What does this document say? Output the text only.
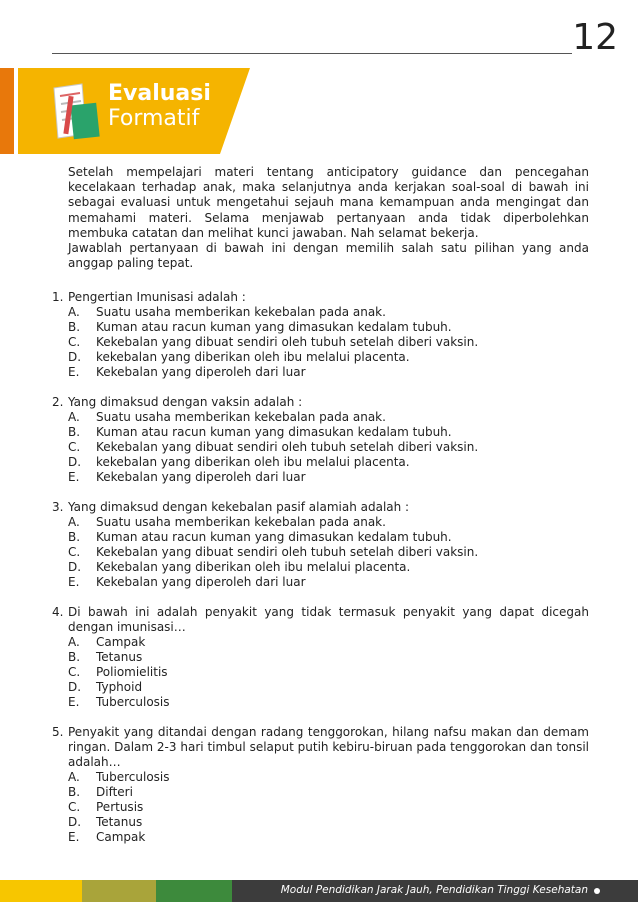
12
Evaluasi
Formatif

Setelah mempelajari materi tentang anticipatory guidance dan pencegahan kecelakaan terhadap anak, maka selanjutnya anda kerjakan soal-soal di bawah ini sebagai evaluasi untuk mengetahui sejauh mana kemampuan anda mengingat dan memahami materi. Selama menjawab pertanyaan anda tidak diperbolehkan membuka catatan dan melihat kunci jawaban. Nah selamat bekerja.

Jawablah pertanyaan di bawah ini dengan memilih salah satu pilihan yang anda anggap paling tepat.

1. Pengertian Imunisasi adalah :
A.	Suatu usaha memberikan kekebalan pada anak.
B.	Kuman atau racun kuman yang dimasukan kedalam tubuh.
C.	Kekebalan yang dibuat sendiri oleh tubuh setelah diberi vaksin.
D.	kekebalan yang diberikan oleh ibu melalui placenta.
E.	Kekebalan yang diperoleh dari luar
2. Yang dimaksud dengan vaksin adalah :
A.	Suatu usaha memberikan kekebalan pada anak.
B.	Kuman atau racun kuman yang dimasukan kedalam tubuh.
C.	Kekebalan yang dibuat sendiri oleh tubuh setelah diberi vaksin.
D.	kekebalan yang diberikan oleh ibu melalui placenta.
E.	Kekebalan yang diperoleh dari luar
3. Yang dimaksud dengan kekebalan pasif alamiah adalah :
A.	Suatu usaha memberikan kekebalan pada anak.
B.	Kuman atau racun kuman yang dimasukan kedalam tubuh.
C.	Kekebalan yang dibuat sendiri oleh tubuh setelah diberi vaksin.
D.	Kekebalan yang diberikan oleh ibu melalui placenta.
E.	Kekebalan yang diperoleh dari luar
4. Di bawah ini adalah penyakit yang tidak termasuk penyakit yang dapat dicegah dengan imunisasi…
A.	Campak
B.	Tetanus
C.	Poliomielitis
D.	Typhoid
E.	Tuberculosis
5. Penyakit yang ditandai dengan radang tenggorokan, hilang nafsu makan dan demam ringan. Dalam 2-3 hari timbul selaput putih kebiru-biruan pada tenggorokan dan tonsil adalah…
A.	Tuberculosis
B.	Difteri
C.	Pertusis
D.	Tetanus
E.	Campak
Modul Pendidikan Jarak Jauh, Pendidikan Tinggi Kesehatan
